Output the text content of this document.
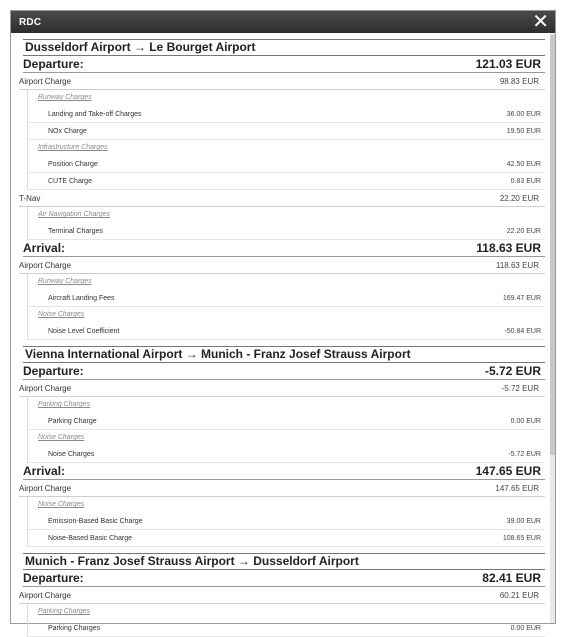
RDC	✕
Dusseldorf Airport → Le Bourget Airport
Departure:	121.03 EUR
Airport Charge	98.83 EUR
Runway Charges
Landing and Take-off Charges	36.00 EUR
NOx Charge	19.50 EUR
Infrastructure Charges
Position Charge	42.50 EUR
CUTE Charge	0.83 EUR
T-Nav	22.20 EUR
Air Navigation Charges
Terminal Charges	22.20 EUR
Arrival:	118.63 EUR
Airport Charge	118.63 EUR
Runway Charges
Aircraft Landing Fees	169.47 EUR
Noise Charges
Noise Level Coefficient	-50.84 EUR
Vienna International Airport → Munich - Franz Josef Strauss Airport
Departure:	-5.72 EUR
Airport Charge	-5.72 EUR
Parking Charges
Parking Charge	0.00 EUR
Noise Charges
Noise Charges	-5.72 EUR
Arrival:	147.65 EUR
Airport Charge	147.65 EUR
Noise Charges
Emission-Based Basic Charge	39.00 EUR
Noise-Based Basic Charge	108.65 EUR
Munich - Franz Josef Strauss Airport → Dusseldorf Airport
Departure:	82.41 EUR
Airport Charge	60.21 EUR
Parking Charges
Parking Charges	0.00 EUR
